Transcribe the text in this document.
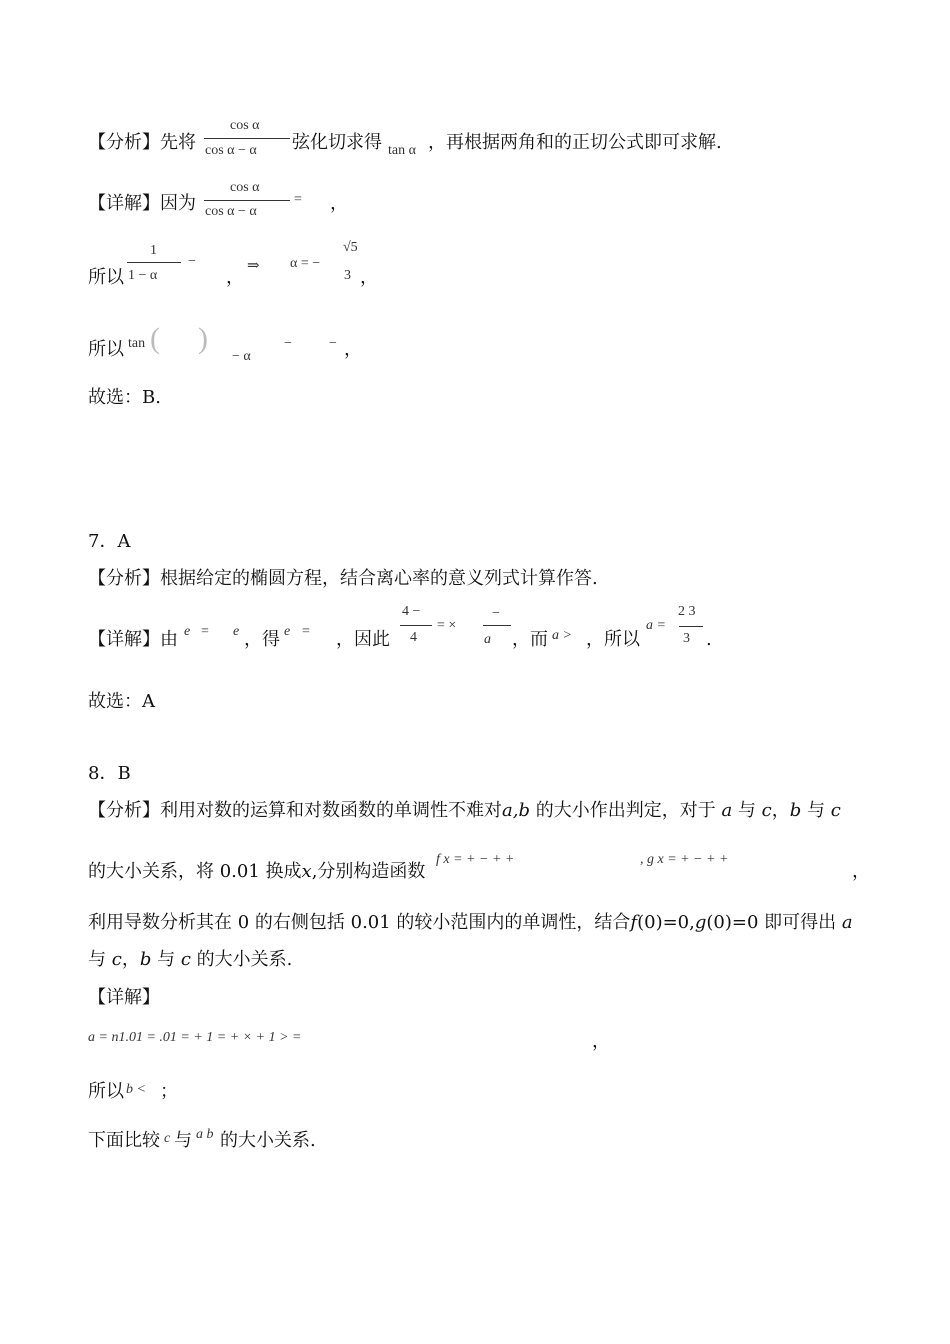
【分析】先将
cos α
cos α − α 弦化切求得 tan α ，再根据两角和的正切公式即可求解.
【详解】因为
cos α
cos α − α
= ，
所以
1
1 − α
−
，
⇒ α = −
√5
3 ，
所以 tan ( )
− α
−	− ，
故选：B.
7．A
【分析】根据给定的椭圆方程，结合离心率的意义列式计算作答.
【详解】由 e = e ，得 e = ，因此
4 −
4
= ×
−
a ，而 a > ，所以
a =
2 3
3 .
故选：A
8．B
【分析】利用对数的运算和对数函数的单调性不难对a,b 的大小作出判定，对于 a 与 c，b 与 c
的大小关系，将 0.01 换成x,分别构造函数
f x = + − + +	, g x = + − + +
，
利用导数分析其在 0 的右侧包括 0.01 的较小范围内的单调性，结合f(0)=0,g(0)=0 即可得出 a
与 c，b 与 c 的大小关系.
【详解】
a = n1.01 = .01 = + 1 = + × + 1 > =	，
所以 b < ；
下面比较 c 与 a b 的大小关系.
